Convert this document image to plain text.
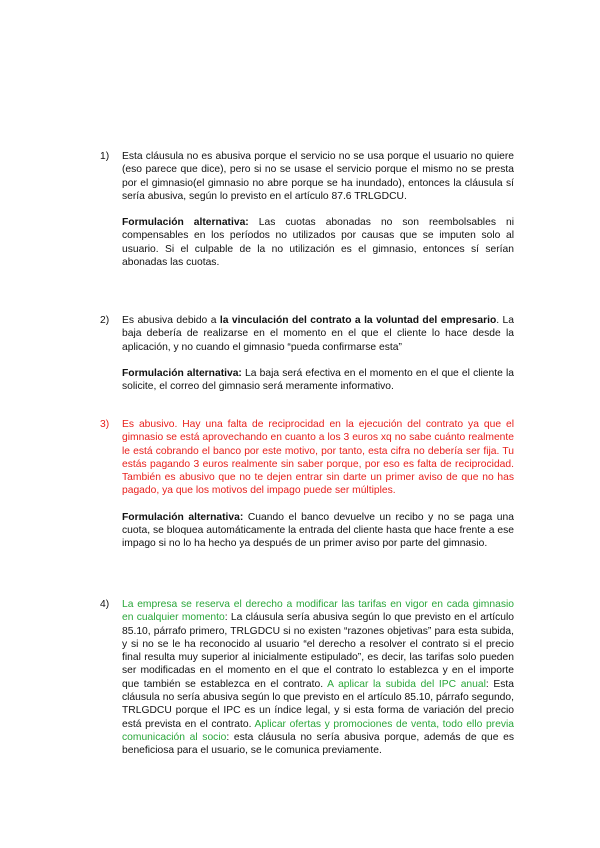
1)	Esta cláusula no es abusiva porque el servicio no se usa porque el usuario no quiere (eso parece que dice), pero si no se usase el servicio porque el mismo no se presta por el gimnasio(el gimnasio no abre porque se ha inundado), entonces la cláusula sí sería abusiva, según lo previsto en el artículo 87.6 TRLGDCU.
Formulación alternativa: Las cuotas abonadas no son reembolsables ni compensables en los períodos no utilizados por causas que se imputen solo al usuario. Si el culpable de la no utilización es el gimnasio, entonces sí serían abonadas las cuotas.
2)	Es abusiva debido a la vinculación del contrato a la voluntad del empresario. La baja debería de realizarse en el momento en el que el cliente lo hace desde la aplicación, y no cuando el gimnasio “pueda confirmarse esta”
Formulación alternativa: La baja será efectiva en el momento en el que el cliente la solicite, el correo del gimnasio será meramente informativo.
3)	Es abusivo. Hay una falta de reciprocidad en la ejecución del contrato ya que el gimnasio se está aprovechando en cuanto a los 3 euros xq no sabe cuánto realmente le está cobrando el banco por este motivo, por tanto, esta cifra no debería ser fija. Tu estás pagando 3 euros realmente sin saber porque, por eso es falta de reciprocidad. También es abusivo que no te dejen entrar sin darte un primer aviso de que no has pagado, ya que los motivos del impago puede ser múltiples.
Formulación alternativa: Cuando el banco devuelve un recibo y no se paga una cuota, se bloquea automáticamente la entrada del cliente hasta que hace frente a ese impago si no lo ha hecho ya después de un primer aviso por parte del gimnasio.
4)	La empresa se reserva el derecho a modificar las tarifas en vigor en cada gimnasio en cualquier momento: La cláusula sería abusiva según lo que previsto en el artículo 85.10, párrafo primero, TRLGDCU si no existen “razones objetivas” para esta subida, y si no se le ha reconocido al usuario “el derecho a resolver el contrato si el precio final resulta muy superior al inicialmente estipulado”, es decir, las tarifas solo pueden ser modificadas en el momento en el que el contrato lo establezca y en el importe que también se establezca en el contrato. A aplicar la subida del IPC anual: Esta cláusula no sería abusiva según lo que previsto en el artículo 85.10, párrafo segundo, TRLGDCU porque el IPC es un índice legal, y si esta forma de variación del precio está prevista en el contrato. Aplicar ofertas y promociones de venta, todo ello previa comunicación al socio: esta cláusula no sería abusiva porque, además de que es beneficiosa para el usuario, se le comunica previamente.
